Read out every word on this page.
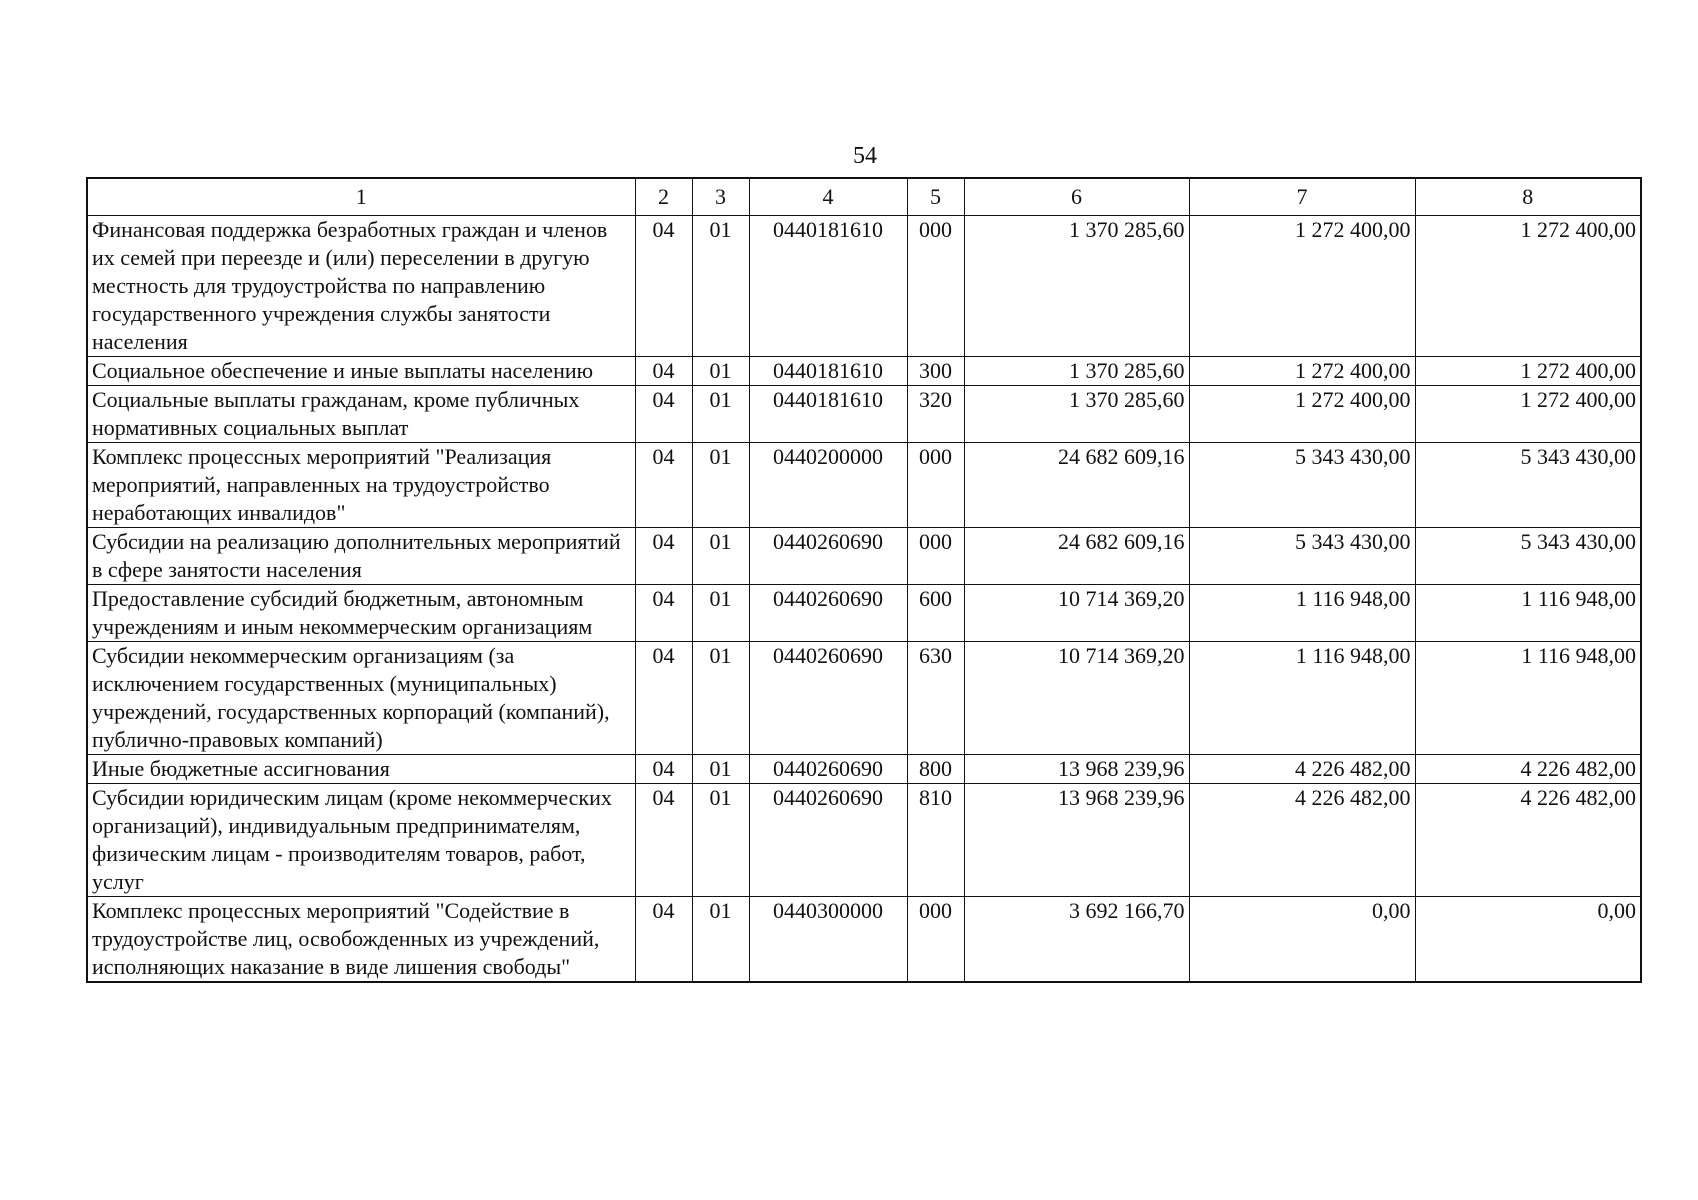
54
1	2	3	4	5	6	7	8
Финансовая поддержка безработных граждан и членов их семей при переезде и (или) переселении в другую местность для трудоустройства по направлению государственного учреждения службы занятости населения	04	01	0440181610	000	1 370 285,60	1 272 400,00	1 272 400,00
Социальное обеспечение и иные выплаты населению	04	01	0440181610	300	1 370 285,60	1 272 400,00	1 272 400,00
Социальные выплаты гражданам, кроме публичных нормативных социальных выплат	04	01	0440181610	320	1 370 285,60	1 272 400,00	1 272 400,00
Комплекс процессных мероприятий "Реализация мероприятий, направленных на трудоустройство неработающих инвалидов"	04	01	0440200000	000	24 682 609,16	5 343 430,00	5 343 430,00
Субсидии на реализацию дополнительных мероприятий в сфере занятости населения	04	01	0440260690	000	24 682 609,16	5 343 430,00	5 343 430,00
Предоставление субсидий бюджетным, автономным учреждениям и иным некоммерческим организациям	04	01	0440260690	600	10 714 369,20	1 116 948,00	1 116 948,00
Субсидии некоммерческим организациям (за исключением государственных (муниципальных) учреждений, государственных корпораций (компаний), публично-правовых компаний)	04	01	0440260690	630	10 714 369,20	1 116 948,00	1 116 948,00
Иные бюджетные ассигнования	04	01	0440260690	800	13 968 239,96	4 226 482,00	4 226 482,00
Субсидии юридическим лицам (кроме некоммерческих организаций), индивидуальным предпринимателям, физическим лицам - производителям товаров, работ, услуг	04	01	0440260690	810	13 968 239,96	4 226 482,00	4 226 482,00
Комплекс процессных мероприятий "Содействие в трудоустройстве лиц, освобожденных из учреждений, исполняющих наказание в виде лишения свободы"	04	01	0440300000	000	3 692 166,70	0,00	0,00
